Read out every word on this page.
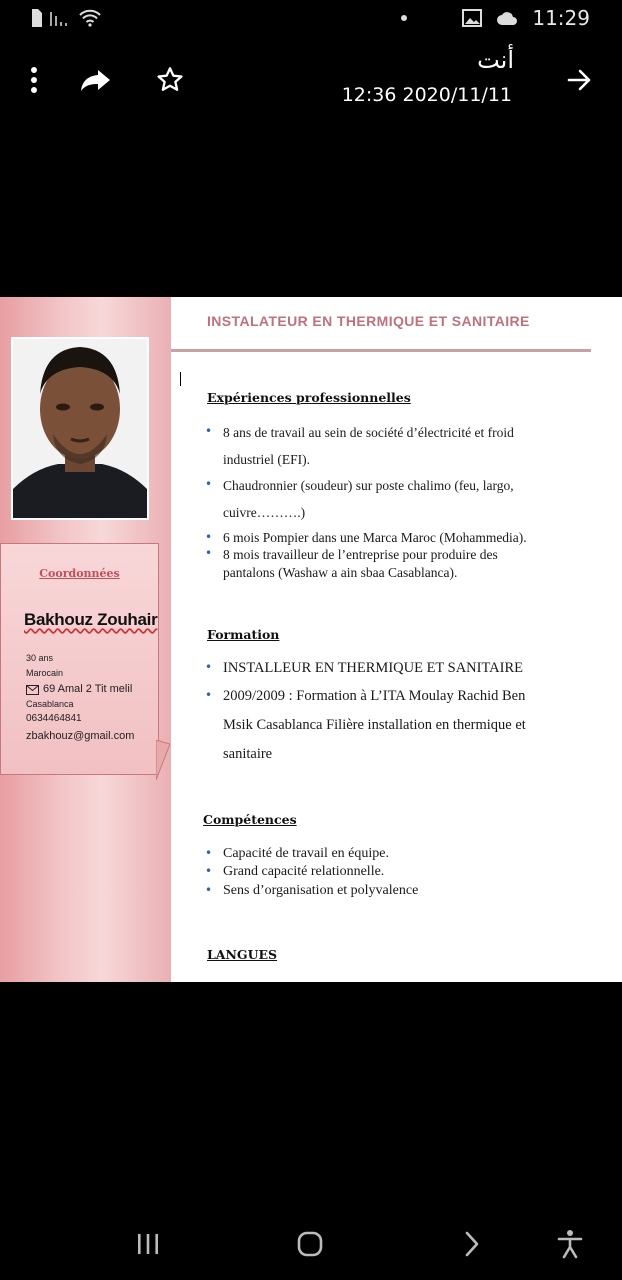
11:29
أنت
12:36 2020/11/11
Coordonnées
Bakhouz Zouhair
30 ans
Marocain
69 Amal 2 Tit melil
Casablanca
0634464841
zbakhouz@gmail.com
INSTALATEUR EN THERMIQUE ET SANITAIRE
Expériences professionnelles
• 8 ans de travail au sein de société d’électricité et froid
industriel (EFI).
• Chaudronnier (soudeur) sur poste chalimo (feu, largo,
cuivre……….)
• 6 mois Pompier dans une Marca Maroc (Mohammedia).
• 8 mois travailleur de l’entreprise pour produire des
pantalons (Washaw a ain sbaa Casablanca).
Formation
• INSTALLEUR EN THERMIQUE ET SANITAIRE
• 2009/2009 : Formation à L’ITA Moulay Rachid Ben
Msik Casablanca Filière installation en thermique et
sanitaire
Compétences
• Capacité de travail en équipe.
• Grand capacité relationnelle.
• Sens d’organisation et polyvalence
LANGUES
